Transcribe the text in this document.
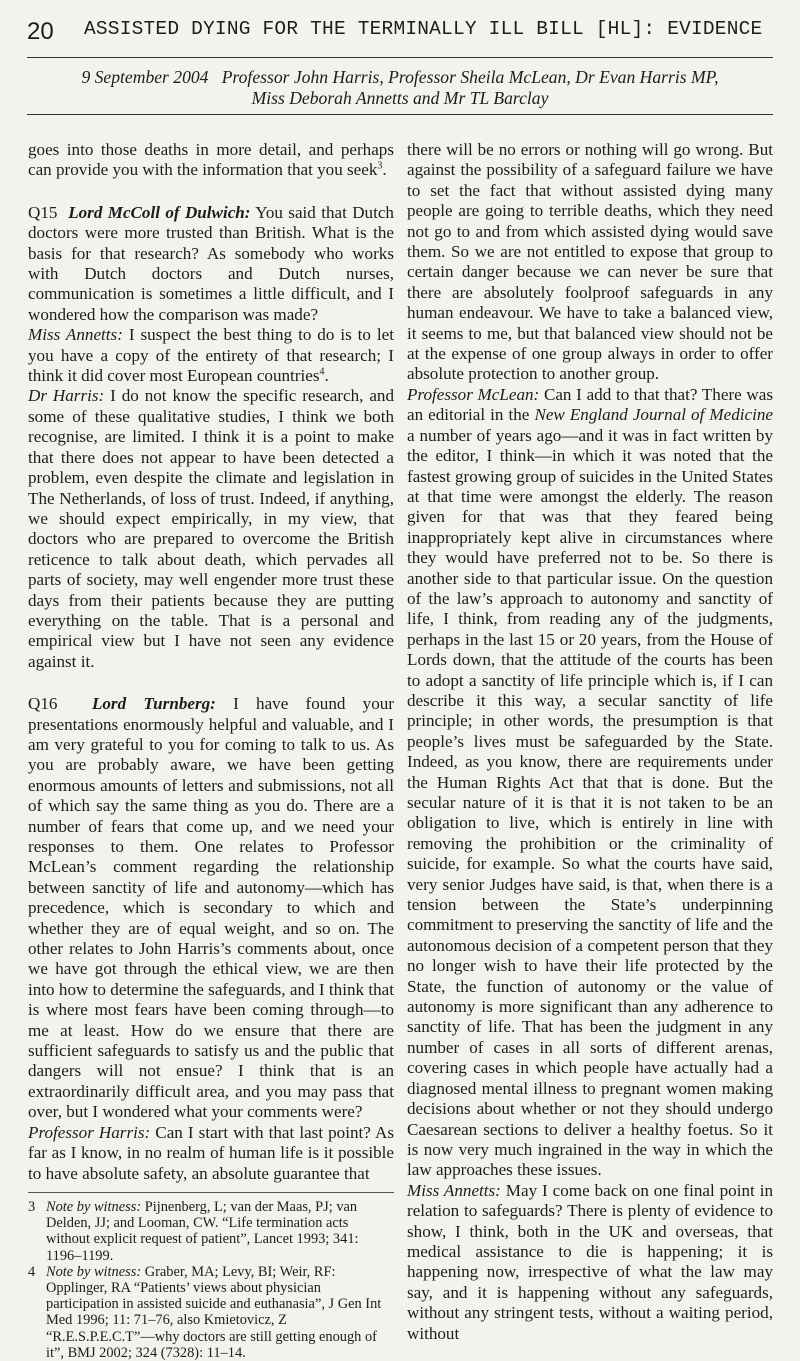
20 ASSISTED DYING FOR THE TERMINALLY ILL BILL [HL]: EVIDENCE
9 September 2004 Professor John Harris, Professor Sheila McLean, Dr Evan Harris MP,
Miss Deborah Annetts and Mr TL Barclay

goes into those deaths in more detail, and perhaps can provide you with the information that you seek$^3$.

Q15 Lord McColl of Dulwich: You said that Dutch doctors were more trusted than British. What is the basis for that research? As somebody who works with Dutch doctors and Dutch nurses, communication is sometimes a little difficult, and I wondered how the comparison was made?

Miss Annetts: I suspect the best thing to do is to let you have a copy of the entirety of that research; I think it did cover most European countries$^4$.

Dr Harris: I do not know the specific research, and some of these qualitative studies, I think we both recognise, are limited. I think it is a point to make that there does not appear to have been detected a problem, even despite the climate and legislation in The Netherlands, of loss of trust. Indeed, if anything, we should expect empirically, in my view, that doctors who are prepared to overcome the British reticence to talk about death, which pervades all parts of society, may well engender more trust these days from their patients because they are putting everything on the table. That is a personal and empirical view but I have not seen any evidence against it.

Q16 Lord Turnberg: I have found your presentations enormously helpful and valuable, and I am very grateful to you for coming to talk to us. As you are probably aware, we have been getting enormous amounts of letters and submissions, not all of which say the same thing as you do. There are a number of fears that come up, and we need your responses to them. One relates to Professor McLean’s comment regarding the relationship between sanctity of life and autonomy—which has precedence, which is secondary to which and whether they are of equal weight, and so on. The other relates to John Harris’s comments about, once we have got through the ethical view, we are then into how to determine the safeguards, and I think that is where most fears have been coming through—to me at least. How do we ensure that there are sufficient safeguards to satisfy us and the public that dangers will not ensue? I think that is an extraordinarily difficult area, and you may pass that over, but I wondered what your comments were?

Professor Harris: Can I start with that last point? As far as I know, in no realm of human life is it possible to have absolute safety, an absolute guarantee that

3 Note by witness: Pijnenberg, L; van der Maas, PJ; van Delden, JJ; and Looman, CW. “Life termination acts without explicit request of patient”, Lancet 1993; 341: 1196–1199.

4 Note by witness: Graber, MA; Levy, BI; Weir, RF: Opplinger, RA “Patients’ views about physician participation in assisted suicide and euthanasia”, J Gen Int Med 1996; 11: 71–76, also Kmietovicz, Z “R.E.S.P.E.C.T”—why doctors are still getting enough of it”, BMJ 2002; 324 (7328): 11–14.

there will be no errors or nothing will go wrong. But against the possibility of a safeguard failure we have to set the fact that without assisted dying many people are going to terrible deaths, which they need not go to and from which assisted dying would save them. So we are not entitled to expose that group to certain danger because we can never be sure that there are absolutely foolproof safeguards in any human endeavour. We have to take a balanced view, it seems to me, but that balanced view should not be at the expense of one group always in order to offer absolute protection to another group.

Professor McLean: Can I add to that that? There was an editorial in the New England Journal of Medicine a number of years ago—and it was in fact written by the editor, I think—in which it was noted that the fastest growing group of suicides in the United States at that time were amongst the elderly. The reason given for that was that they feared being inappropriately kept alive in circumstances where they would have preferred not to be. So there is another side to that particular issue. On the question of the law’s approach to autonomy and sanctity of life, I think, from reading any of the judgments, perhaps in the last 15 or 20 years, from the House of Lords down, that the attitude of the courts has been to adopt a sanctity of life principle which is, if I can describe it this way, a secular sanctity of life principle; in other words, the presumption is that people’s lives must be safeguarded by the State. Indeed, as you know, there are requirements under the Human Rights Act that that is done. But the secular nature of it is that it is not taken to be an obligation to live, which is entirely in line with removing the prohibition or the criminality of suicide, for example. So what the courts have said, very senior Judges have said, is that, when there is a tension between the State’s underpinning commitment to preserving the sanctity of life and the autonomous decision of a competent person that they no longer wish to have their life protected by the State, the function of autonomy or the value of autonomy is more significant than any adherence to sanctity of life. That has been the judgment in any number of cases in all sorts of different arenas, covering cases in which people have actually had a diagnosed mental illness to pregnant women making decisions about whether or not they should undergo Caesarean sections to deliver a healthy foetus. So it is now very much ingrained in the way in which the law approaches these issues.

Miss Annetts: May I come back on one final point in relation to safeguards? There is plenty of evidence to show, I think, both in the UK and overseas, that medical assistance to die is happening; it is happening now, irrespective of what the law may say, and it is happening without any safeguards, without any stringent tests, without a waiting period, without
